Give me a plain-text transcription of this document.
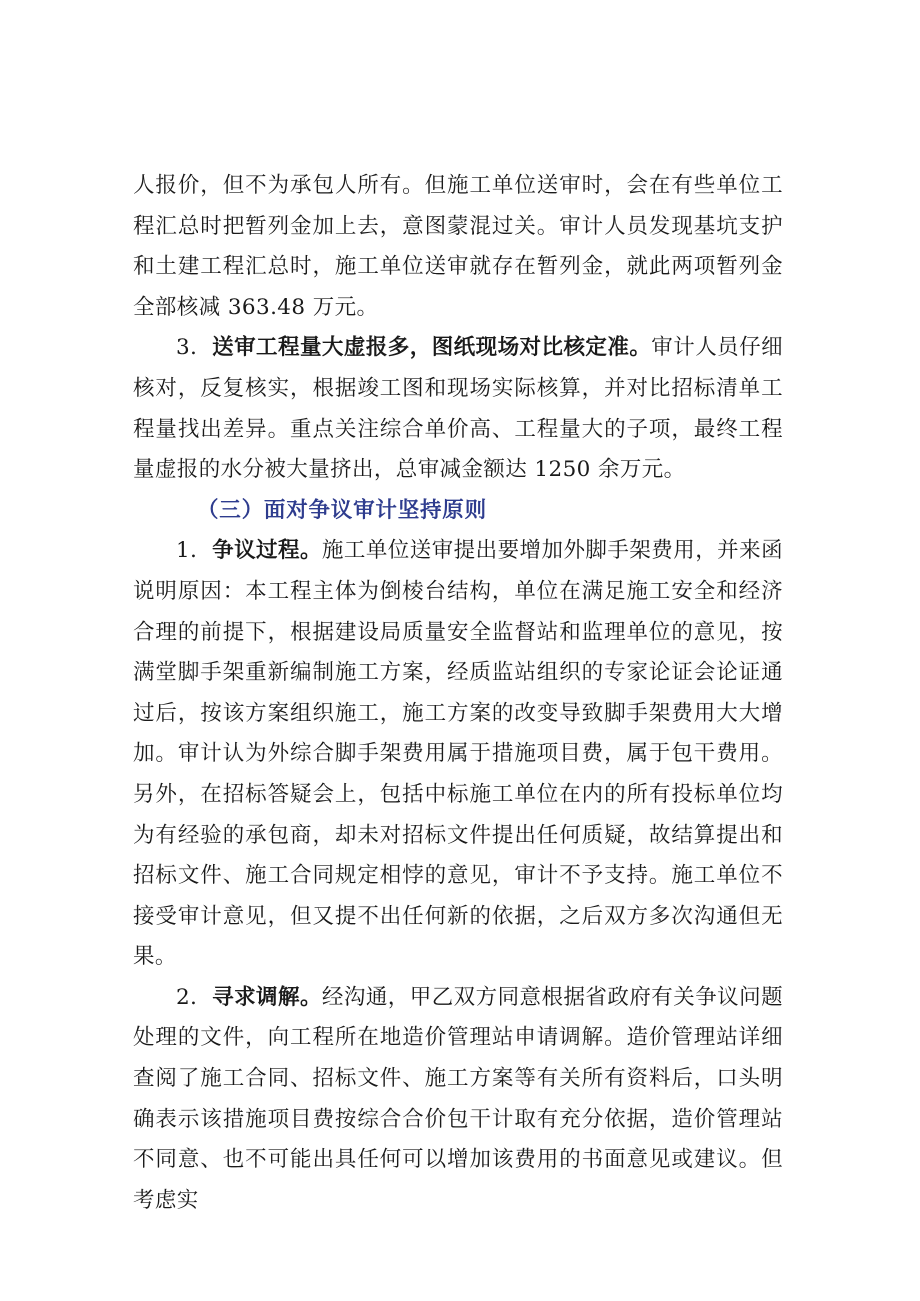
人报价，但不为承包人所有。但施工单位送审时，会在有些单位工程汇总时把暂列金加上去，意图蒙混过关。审计人员发现基坑支护和土建工程汇总时，施工单位送审就存在暂列金，就此两项暂列金全部核减 363.48 万元。

3．送审工程量大虚报多，图纸现场对比核定准。审计人员仔细核对，反复核实，根据竣工图和现场实际核算，并对比招标清单工程量找出差异。重点关注综合单价高、工程量大的子项，最终工程量虚报的水分被大量挤出，总审减金额达 1250 余万元。

（三）面对争议审计坚持原则

1．争议过程。施工单位送审提出要增加外脚手架费用，并来函说明原因：本工程主体为倒棱台结构，单位在满足施工安全和经济合理的前提下，根据建设局质量安全监督站和监理单位的意见，按满堂脚手架重新编制施工方案，经质监站组织的专家论证会论证通过后，按该方案组织施工，施工方案的改变导致脚手架费用大大增加。审计认为外综合脚手架费用属于措施项目费，属于包干费用。另外，在招标答疑会上，包括中标施工单位在内的所有投标单位均为有经验的承包商，却未对招标文件提出任何质疑，故结算提出和招标文件、施工合同规定相悖的意见，审计不予支持。施工单位不接受审计意见，但又提不出任何新的依据，之后双方多次沟通但无果。

2．寻求调解。经沟通，甲乙双方同意根据省政府有关争议问题处理的文件，向工程所在地造价管理站申请调解。造价管理站详细查阅了施工合同、招标文件、施工方案等有关所有资料后，口头明确表示该措施项目费按综合合价包干计取有充分依据，造价管理站不同意、也不可能出具任何可以增加该费用的书面意见或建议。但考虑实
